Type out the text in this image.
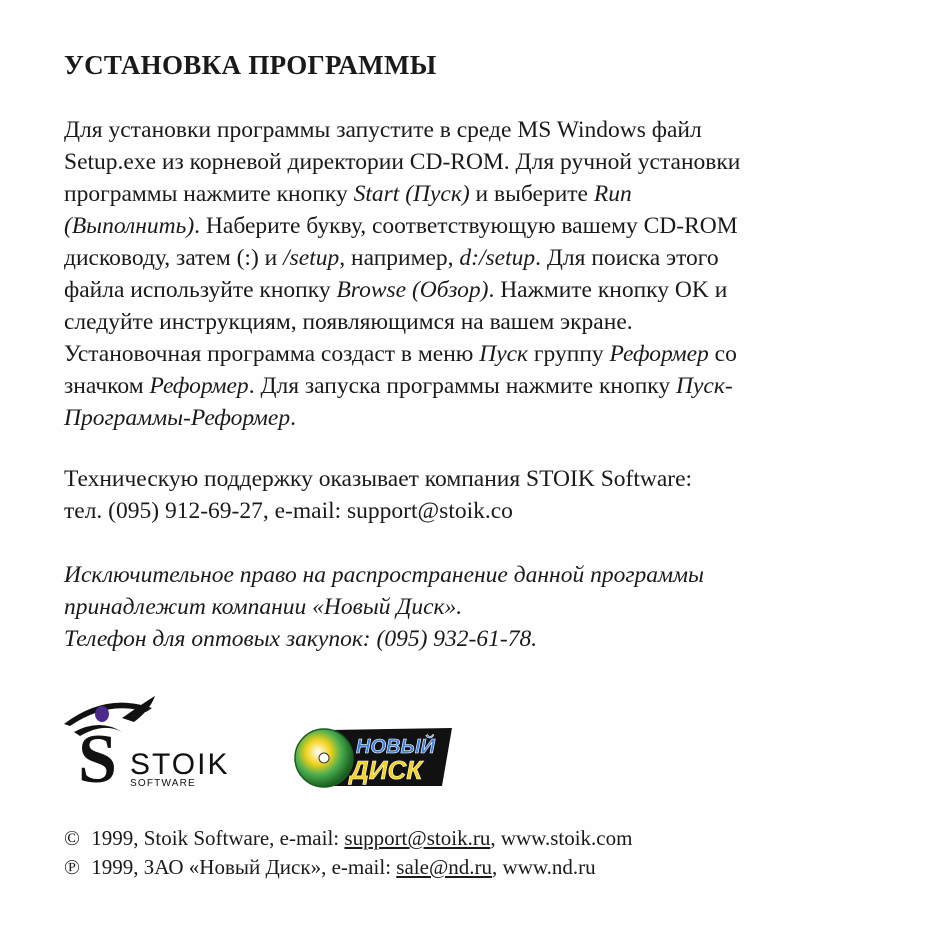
УСТАНОВКА ПРОГРАММЫ
Для установки программы запустите в среде MS Windows файл
Setup.exe из корневой директории CD-ROM. Для ручной установки
программы нажмите кнопку Start (Пуск) и выберите Run
(Выполнить). Наберите букву, соответствующую вашему CD-ROM
дисководу, затем (:) и /setup, например, d:/setup. Для поиска этого
файла используйте кнопку Browse (Обзор). Нажмите кнопку OK и
следуйте инструкциям, появляющимся на вашем экране.
Установочная программа создаст в меню Пуск группу Реформер со
значком Реформер. Для запуска программы нажмите кнопку Пуск-
Программы-Реформер.
Техническую поддержку оказывает компания STOIK Software:
тел. (095) 912-69-27, e-mail: support@stoik.co
Исключительное право на распространение данной программы
принадлежит компании «Новый Диск».
Телефон для оптовых закупок: (095) 932-61-78.
S STOIK
SOFTWARE
НОВЫЙ
ДИСК
© 1999, Stoik Software, e-mail: support@stoik.ru, www.stoik.com
℗ 1999, ЗАО «Новый Диск», e-mail: sale@nd.ru, www.nd.ru
